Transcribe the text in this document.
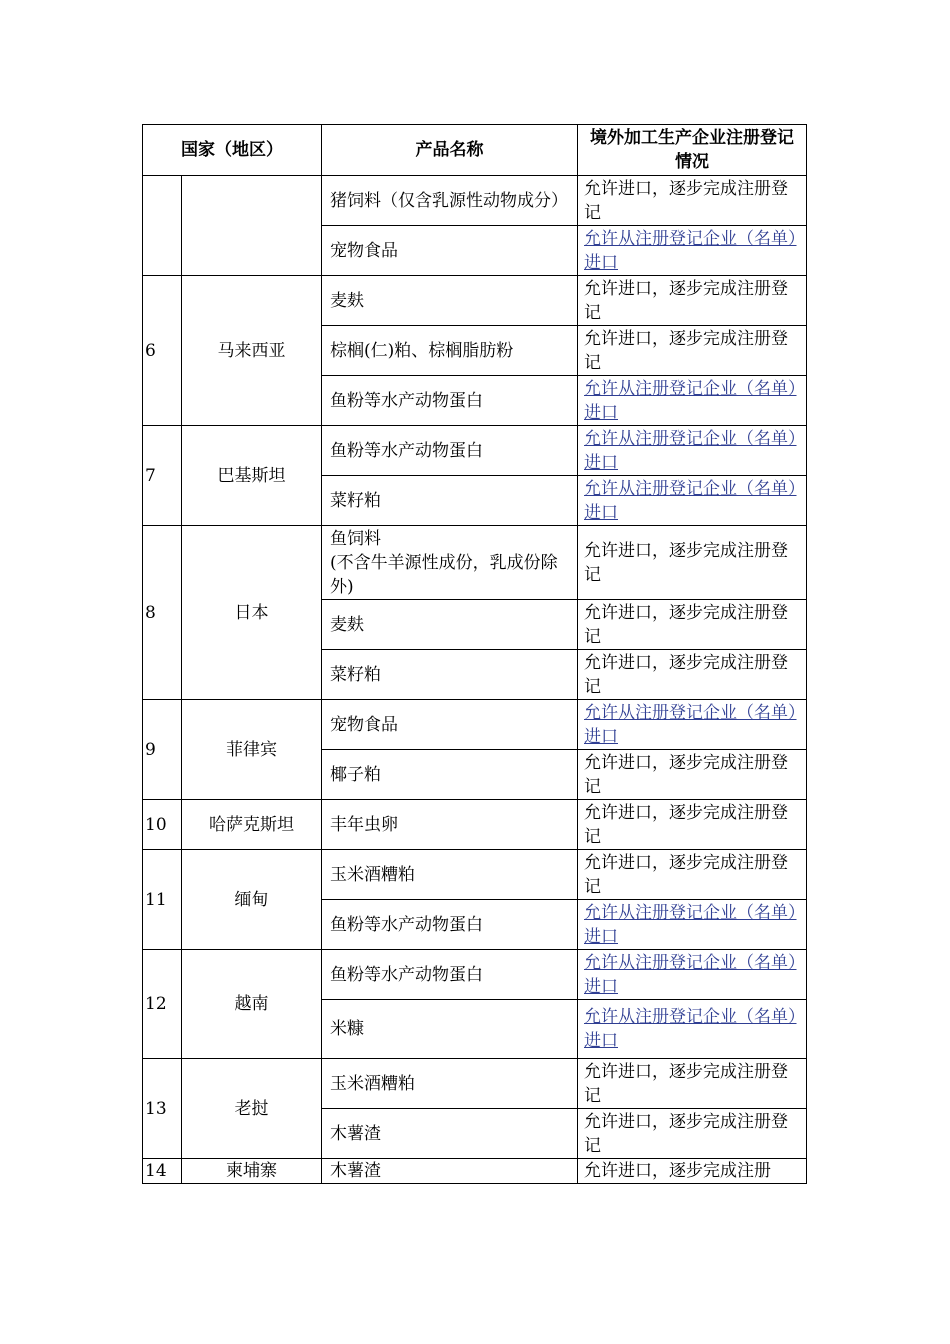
国家（地区）		产品名称	境外加工生产企业注册登记情况
		猪饲料（仅含乳源性动物成分）	允许进口，逐步完成注册登记
		宠物食品	允许从注册登记企业（名单）进口
6	马来西亚	麦麸	允许进口，逐步完成注册登记
		棕榈(仁)粕、棕榈脂肪粉	允许进口，逐步完成注册登记
		鱼粉等水产动物蛋白	允许从注册登记企业（名单）进口
7	巴基斯坦	鱼粉等水产动物蛋白	允许从注册登记企业（名单）进口
		菜籽粕	允许从注册登记企业（名单）进口
8	日本	鱼饲料
(不含牛羊源性成份，乳成份除外)	允许进口，逐步完成注册登记
		麦麸	允许进口，逐步完成注册登记
		菜籽粕	允许进口，逐步完成注册登记
9	菲律宾	宠物食品	允许从注册登记企业（名单）进口
		椰子粕	允许进口，逐步完成注册登记
10	哈萨克斯坦	丰年虫卵	允许进口，逐步完成注册登记
11	缅甸	玉米酒糟粕	允许进口，逐步完成注册登记
		鱼粉等水产动物蛋白	允许从注册登记企业（名单）进口
12	越南	鱼粉等水产动物蛋白	允许从注册登记企业（名单）进口
		米糠	允许从注册登记企业（名单）进口
13	老挝	玉米酒糟粕	允许进口，逐步完成注册登记
		木薯渣	允许进口，逐步完成注册登记
14	柬埔寨	木薯渣	允许进口，逐步完成注册
